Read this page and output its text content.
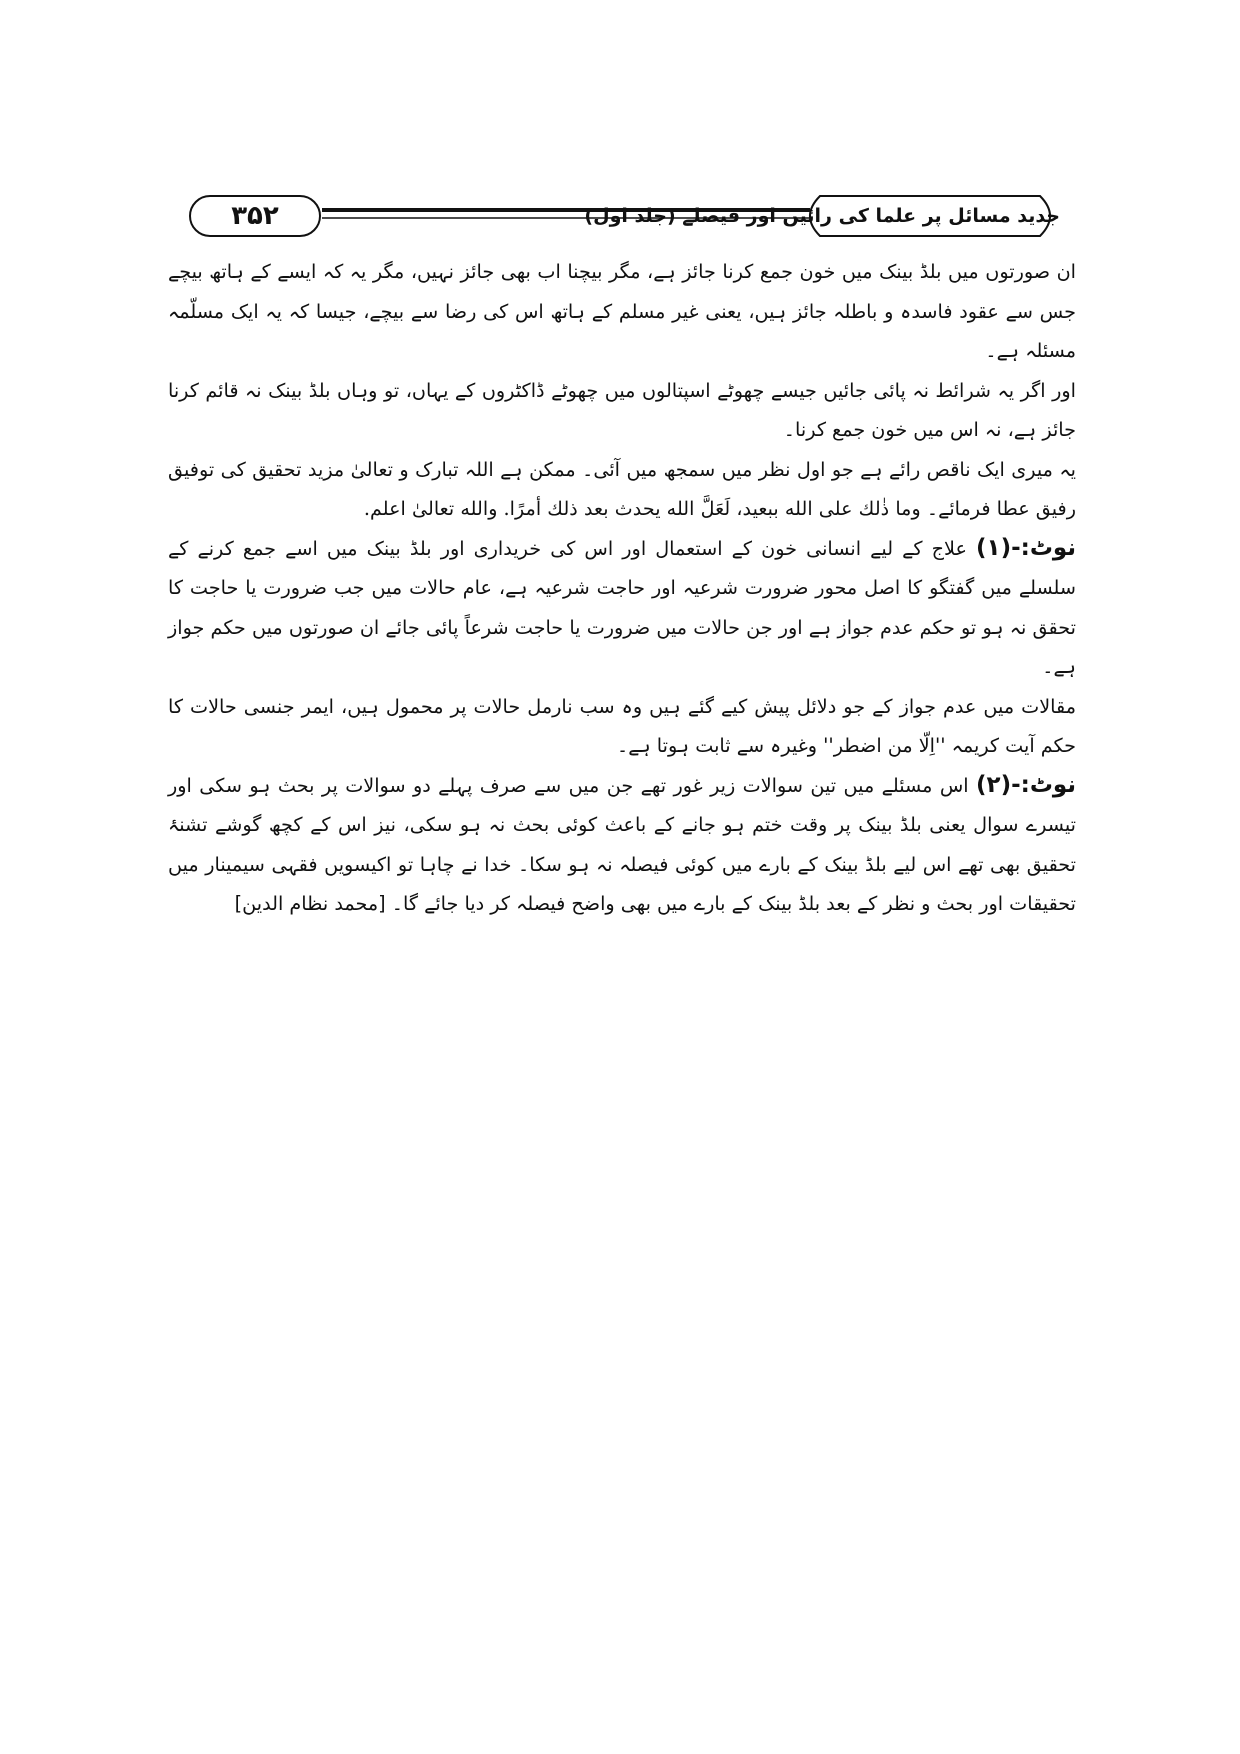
۳۵۲	جدید مسائل پر علما کی رائیں اور فیصلے (جلد اول)

ان صورتوں میں بلڈ بینک میں خون جمع کرنا جائز ہے، مگر بیچنا اب بھی جائز نہیں، مگر یہ کہ ایسے کے ہاتھ بیچے جس سے عقود فاسدہ و باطلہ جائز ہیں، یعنی غیر مسلم کے ہاتھ اس کی رضا سے بیچے، جیسا کہ یہ ایک مسلّمہ مسئلہ ہے۔

اور اگر یہ شرائط نہ پائی جائیں جیسے چھوٹے اسپتالوں میں چھوٹے ڈاکٹروں کے یہاں، تو وہاں بلڈ بینک نہ قائم کرنا جائز ہے، نہ اس میں خون جمع کرنا۔

یہ میری ایک ناقص رائے ہے جو اول نظر میں سمجھ میں آئی۔ ممکن ہے اللہ تبارک و تعالیٰ مزید تحقیق کی توفیق رفیق عطا فرمائے۔ وما ذٰلك على الله ببعيد، لَعَلَّ الله يحدث بعد ذلك أمرًا. والله تعالىٰ اعلم.

نوٹ:-(۱) علاج کے لیے انسانی خون کے استعمال اور اس کی خریداری اور بلڈ بینک میں اسے جمع کرنے کے سلسلے میں گفتگو کا اصل محور ضرورت شرعیہ اور حاجت شرعیہ ہے، عام حالات میں جب ضرورت یا حاجت کا تحقق نہ ہو تو حکم عدم جواز ہے اور جن حالات میں ضرورت یا حاجت شرعاً پائی جائے ان صورتوں میں حکم جواز ہے۔

مقالات میں عدم جواز کے جو دلائل پیش کیے گئے ہیں وہ سب نارمل حالات پر محمول ہیں، ایمر جنسی حالات کا حکم آیت کریمہ ''اِلّا من اضطر'' وغیرہ سے ثابت ہوتا ہے۔

نوٹ:-(۲) اس مسئلے میں تین سوالات زیر غور تھے جن میں سے صرف پہلے دو سوالات پر بحث ہو سکی اور تیسرے سوال یعنی بلڈ بینک پر وقت ختم ہو جانے کے باعث کوئی بحث نہ ہو سکی، نیز اس کے کچھ گوشے تشنۂ تحقیق بھی تھے اس لیے بلڈ بینک کے بارے میں کوئی فیصلہ نہ ہو سکا۔ خدا نے چاہا تو اکیسویں فقہی سیمینار میں تحقیقات اور بحث و نظر کے بعد بلڈ بینک کے بارے میں بھی واضح فیصلہ کر دیا جائے گا۔ [محمد نظام الدین]
